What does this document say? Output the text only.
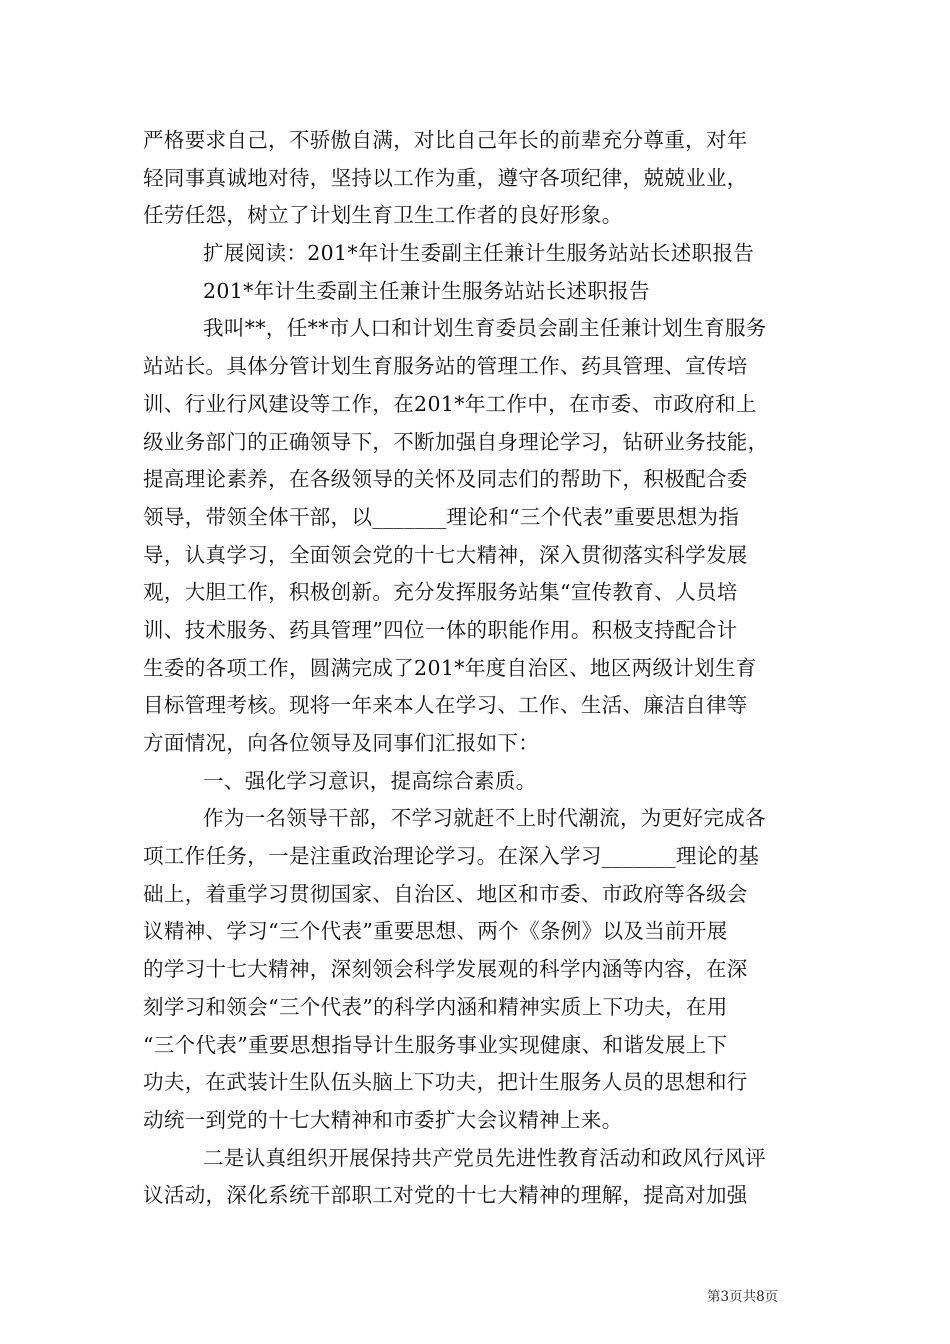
严格要求自己，不骄傲自满，对比自己年长的前辈充分尊重，对年
轻同事真诚地对待，坚持以工作为重，遵守各项纪律，兢兢业业，
任劳任怨，树立了计划生育卫生工作者的良好形象。
扩展阅读：201*年计生委副主任兼计生服务站站长述职报告
201*年计生委副主任兼计生服务站站长述职报告
我叫**，任**市人口和计划生育委员会副主任兼计划生育服务
站站长。具体分管计划生育服务站的管理工作、药具管理、宣传培
训、行业行风建设等工作，在201*年工作中，在市委、市政府和上
级业务部门的正确领导下，不断加强自身理论学习，钻研业务技能，
提高理论素养，在各级领导的关怀及同志们的帮助下，积极配合委
领导，带领全体干部，以_______理论和“三个代表”重要思想为指
导，认真学习，全面领会党的十七大精神，深入贯彻落实科学发展
观，大胆工作，积极创新。充分发挥服务站集“宣传教育、人员培
训、技术服务、药具管理”四位一体的职能作用。积极支持配合计
生委的各项工作，圆满完成了201*年度自治区、地区两级计划生育
目标管理考核。现将一年来本人在学习、工作、生活、廉洁自律等
方面情况，向各位领导及同事们汇报如下：
一、强化学习意识，提高综合素质。
作为一名领导干部，不学习就赶不上时代潮流，为更好完成各
项工作任务，一是注重政治理论学习。在深入学习_______理论的基
础上，着重学习贯彻国家、自治区、地区和市委、市政府等各级会
议精神、学习“三个代表”重要思想、两个《条例》以及当前开展
的学习十七大精神，深刻领会科学发展观的科学内涵等内容，在深
刻学习和领会“三个代表”的科学内涵和精神实质上下功夫，在用
“三个代表”重要思想指导计生服务事业实现健康、和谐发展上下
功夫，在武装计生队伍头脑上下功夫，把计生服务人员的思想和行
动统一到党的十七大精神和市委扩大会议精神上来。
二是认真组织开展保持共产党员先进性教育活动和政风行风评
议活动，深化系统干部职工对党的十七大精神的理解，提高对加强
第3页共8页
